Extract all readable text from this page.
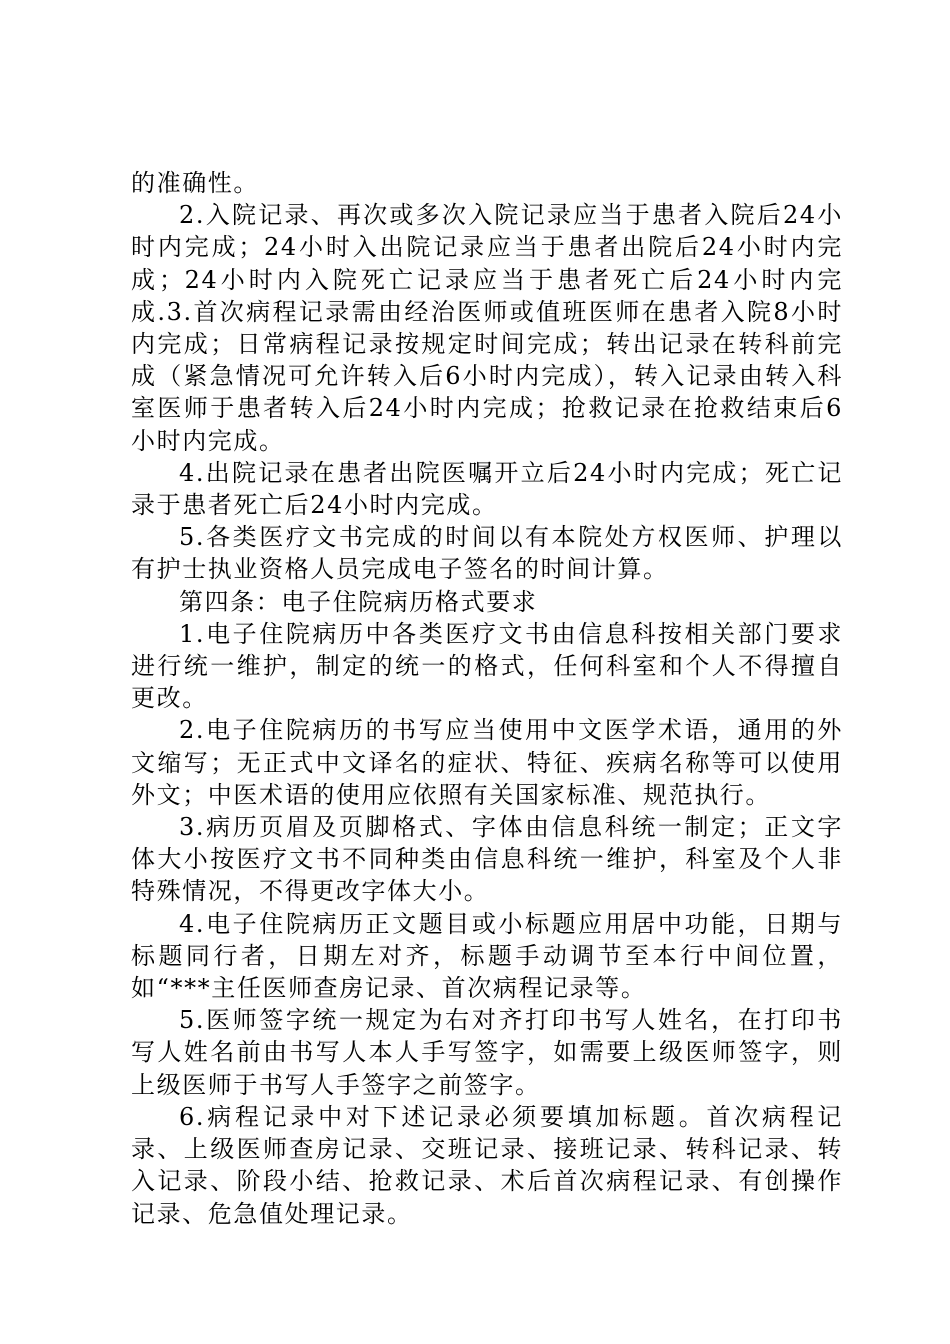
的准确性。

2.入院记录、再次或多次入院记录应当于患者入院后24小时内完成；24小时入出院记录应当于患者出院后24小时内完成；24小时内入院死亡记录应当于患者死亡后24小时内完成.3.首次病程记录需由经治医师或值班医师在患者入院8小时内完成；日常病程记录按规定时间完成；转出记录在转科前完成（紧急情况可允许转入后6小时内完成），转入记录由转入科室医师于患者转入后24小时内完成；抢救记录在抢救结束后6小时内完成。

4.出院记录在患者出院医嘱开立后24小时内完成；死亡记录于患者死亡后24小时内完成。

5.各类医疗文书完成的时间以有本院处方权医师、护理以有护士执业资格人员完成电子签名的时间计算。

第四条：电子住院病历格式要求

1.电子住院病历中各类医疗文书由信息科按相关部门要求进行统一维护，制定的统一的格式，任何科室和个人不得擅自更改。

2.电子住院病历的书写应当使用中文医学术语，通用的外文缩写；无正式中文译名的症状、特征、疾病名称等可以使用外文；中医术语的使用应依照有关国家标准、规范执行。

3.病历页眉及页脚格式、字体由信息科统一制定；正文字体大小按医疗文书不同种类由信息科统一维护，科室及个人非特殊情况，不得更改字体大小。

4.电子住院病历正文题目或小标题应用居中功能，日期与标题同行者，日期左对齐，标题手动调节至本行中间位置，如“***主任医师查房记录、首次病程记录等。

5.医师签字统一规定为右对齐打印书写人姓名，在打印书写人姓名前由书写人本人手写签字，如需要上级医师签字，则上级医师于书写人手签字之前签字。

6.病程记录中对下述记录必须要填加标题。首次病程记录、上级医师查房记录、交班记录、接班记录、转科记录、转入记录、阶段小结、抢救记录、术后首次病程记录、有创操作记录、危急值处理记录。
